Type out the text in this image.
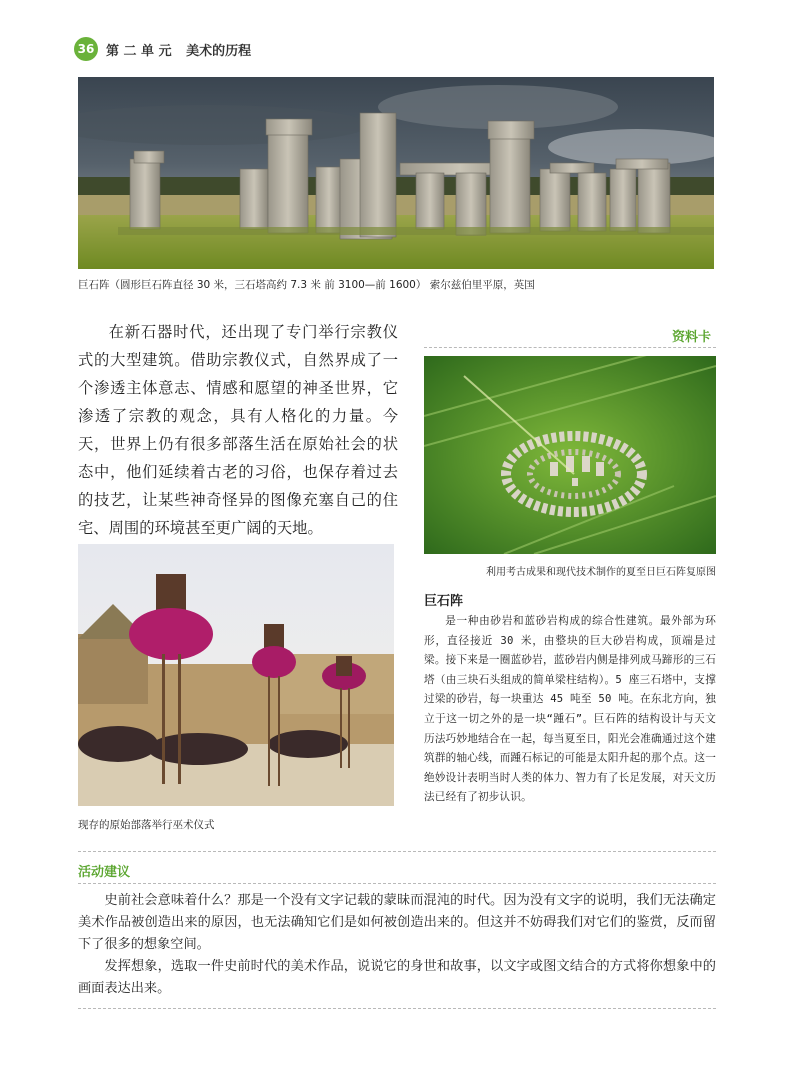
36 第 二 单 元 美术的历程
巨石阵（圆形巨石阵直径 30 米，三石塔高约 7.3 米 前 3100—前 1600） 索尔兹伯里平原，英国

在新石器时代，还出现了专门举行宗教仪式的大型建筑。借助宗教仪式，自然界成了一个渗透主体意志、情感和愿望的神圣世界，它渗透了宗教的观念，具有人格化的力量。今天，世界上仍有很多部落生活在原始社会的状态中，他们延续着古老的习俗，也保存着过去的技艺，让某些神奇怪异的图像充塞自己的住宅、周围的环境甚至更广阔的天地。

资料卡
利用考古成果和现代技术制作的夏至日巨石阵复原图
巨石阵

是一种由砂岩和蓝砂岩构成的综合性建筑。最外部为环形，直径接近 30 米，由整块的巨大砂岩构成，顶端是过梁。接下来是一圈蓝砂岩，蓝砂岩内侧是排列成马蹄形的三石塔（由三块石头组成的简单梁柱结构）。5 座三石塔中，支撑过梁的砂岩，每一块重达 45 吨至 50 吨。在东北方向，独立于这一切之外的是一块“踵石”。巨石阵的结构设计与天文历法巧妙地结合在一起，每当夏至日，阳光会准确通过这个建筑群的轴心线，而踵石标记的可能是太阳升起的那个点。这一绝妙设计表明当时人类的体力、智力有了长足发展，对天文历法已经有了初步认识。

现存的原始部落举行巫术仪式
活动建议

史前社会意味着什么？那是一个没有文字记载的蒙昧而混沌的时代。因为没有文字的说明，我们无法确定美术作品被创造出来的原因，也无法确知它们是如何被创造出来的。但这并不妨碍我们对它们的鉴赏，反而留下了很多的想象空间。

发挥想象，选取一件史前时代的美术作品，说说它的身世和故事，以文字或图文结合的方式将你想象中的画面表达出来。
